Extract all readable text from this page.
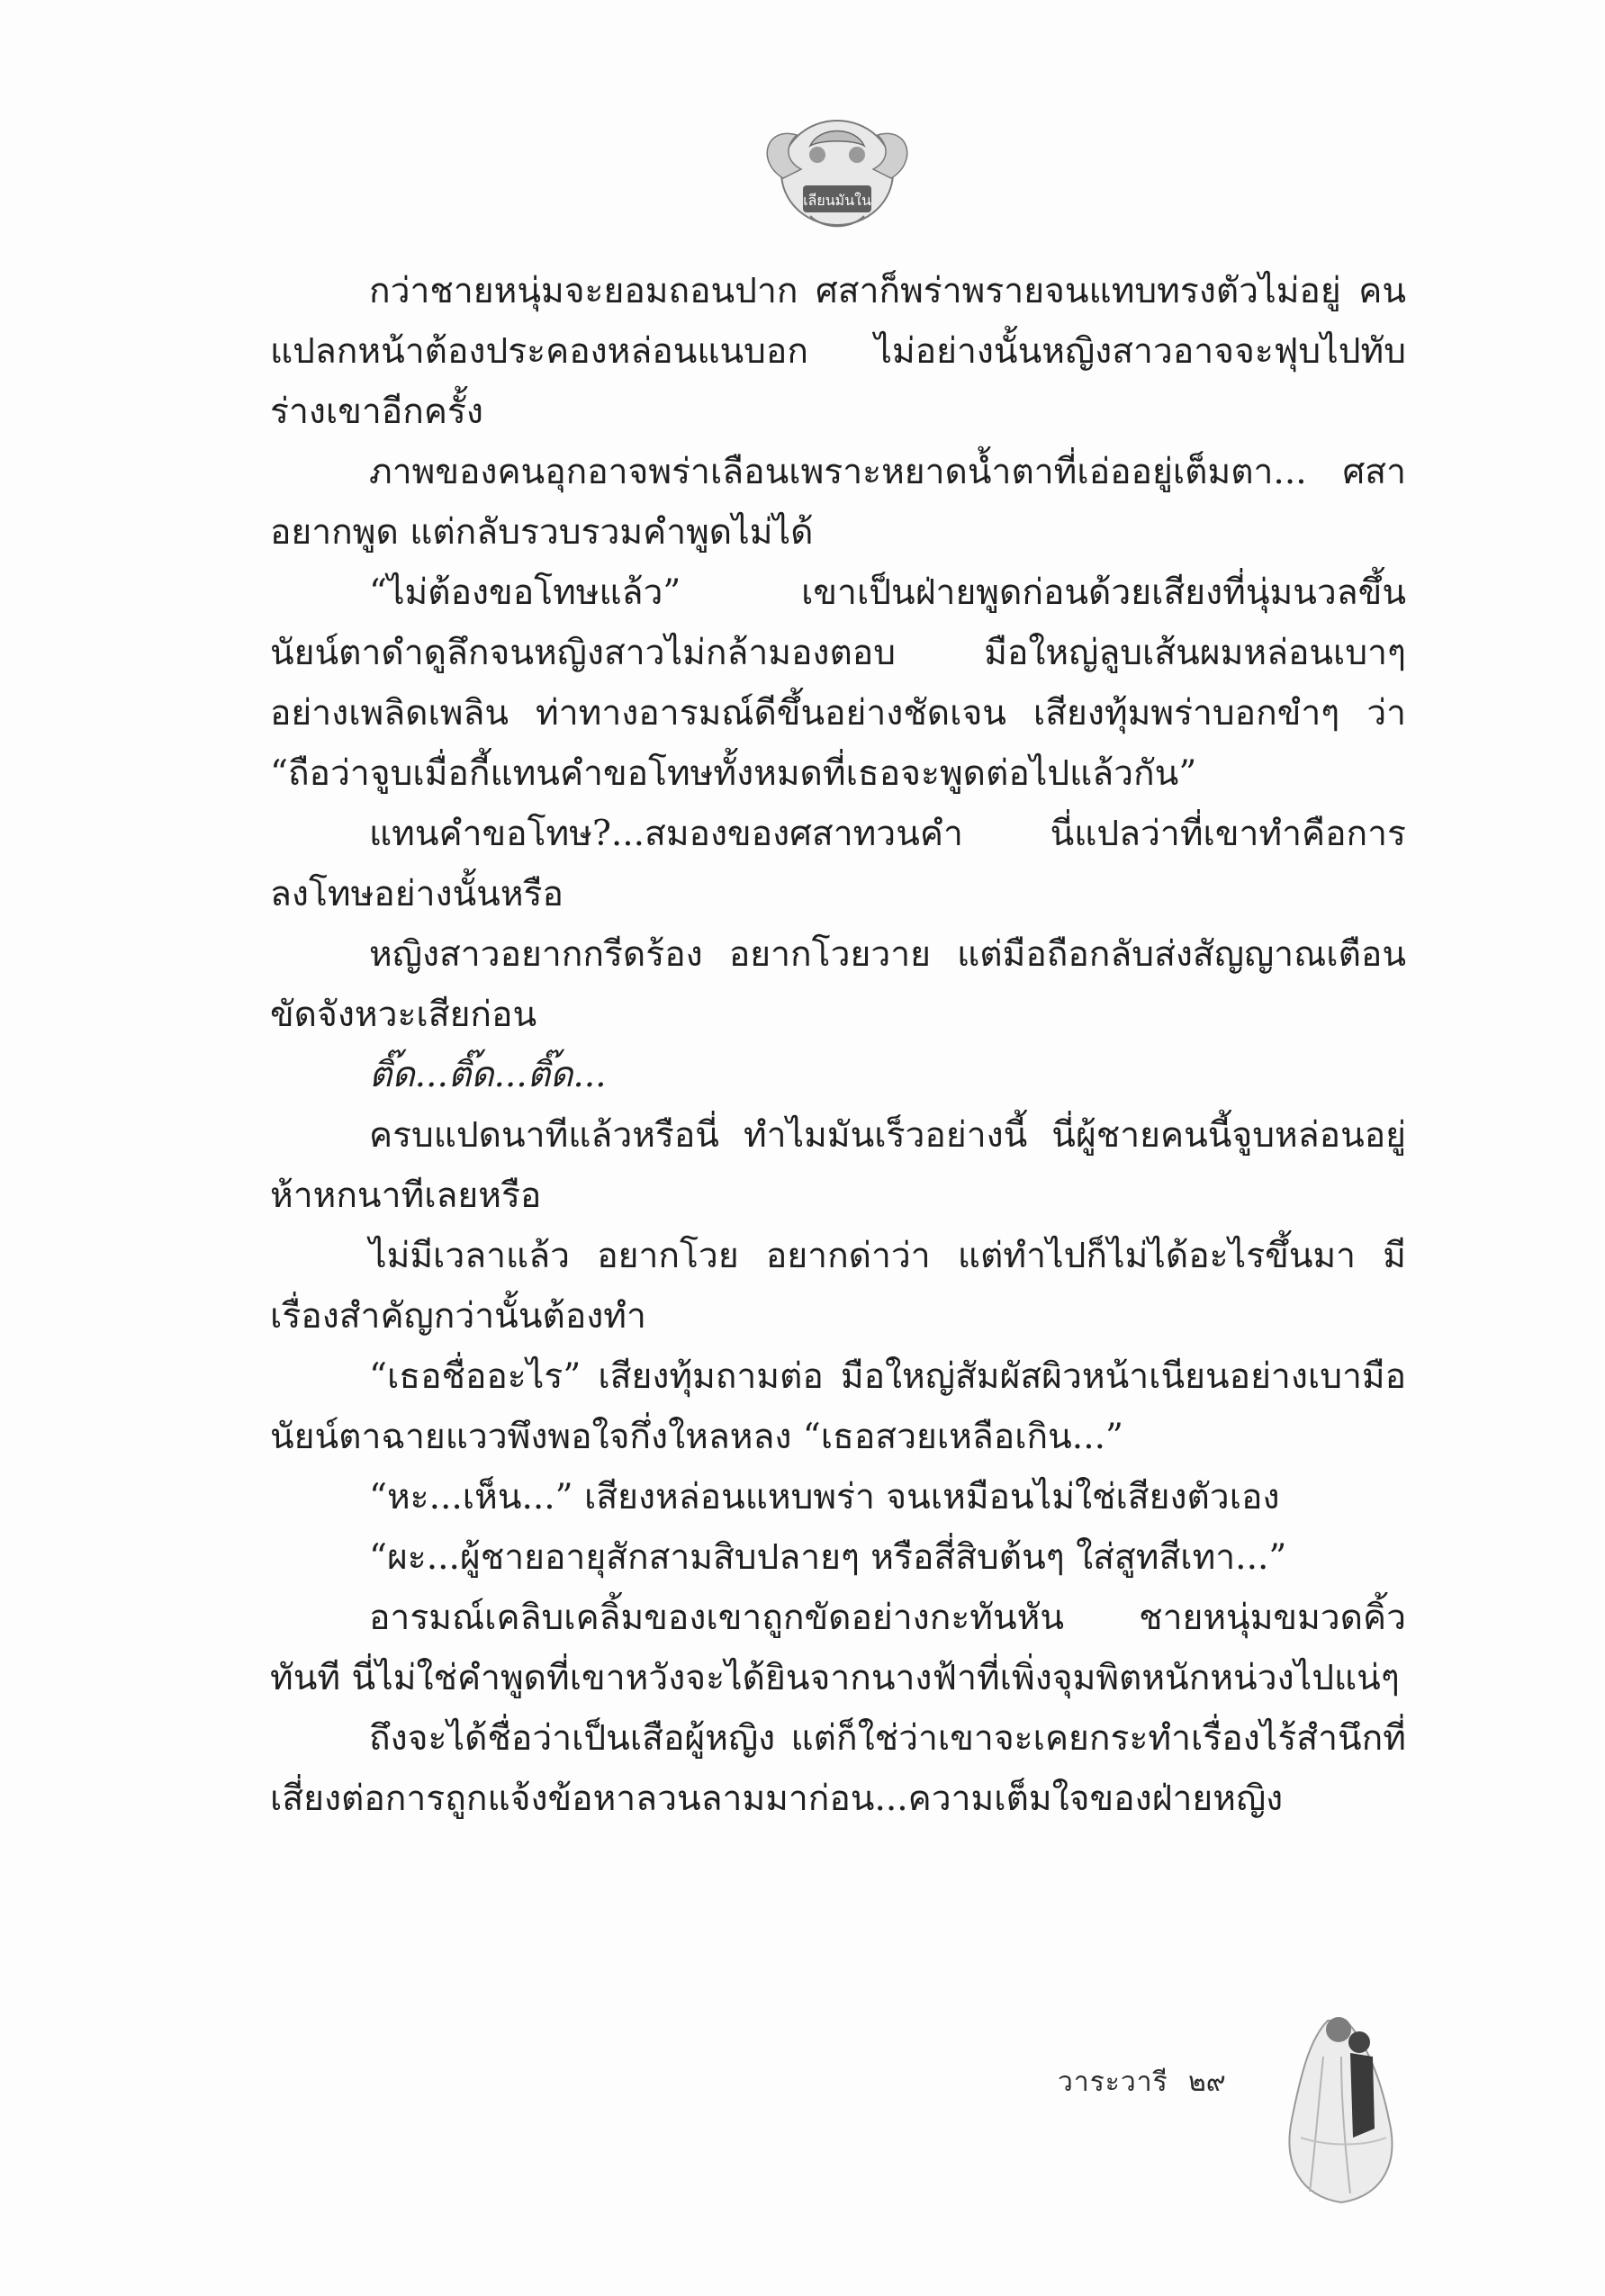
เลียนมันใน

กว่าชายหนุ่มจะยอมถอนปาก ศสาก็พร่าพรายจนแทบทรงตัวไม่อยู่ คนแปลกหน้าต้องประคองหล่อนแนบอก ไม่อย่างนั้นหญิงสาวอาจจะฟุบไปทับร่างเขาอีกครั้ง

ภาพของคนอุกอาจพร่าเลือนเพราะหยาดน้ำตาที่เอ่ออยู่เต็มตา... ศสาอยากพูด แต่กลับรวบรวมคำพูดไม่ได้

“ไม่ต้องขอโทษแล้ว” เขาเป็นฝ่ายพูดก่อนด้วยเสียงที่นุ่มนวลขึ้น นัยน์ตาดำดูลึกจนหญิงสาวไม่กล้ามองตอบ มือใหญ่ลูบเส้นผมหล่อนเบาๆ อย่างเพลิดเพลิน ท่าทางอารมณ์ดีขึ้นอย่างชัดเจน เสียงทุ้มพร่าบอกขำๆ ว่า “ถือว่าจูบเมื่อกี้แทนคำขอโทษทั้งหมดที่เธอจะพูดต่อไปแล้วกัน”

แทนคำขอโทษ?...สมองของศสาทวนคำ นี่แปลว่าที่เขาทำคือการลงโทษอย่างนั้นหรือ

หญิงสาวอยากกรีดร้อง อยากโวยวาย แต่มือถือกลับส่งสัญญาณเตือนขัดจังหวะเสียก่อน

ติ๊ด...ติ๊ด...ติ๊ด...

ครบแปดนาทีแล้วหรือนี่ ทำไมมันเร็วอย่างนี้ นี่ผู้ชายคนนี้จูบหล่อนอยู่ห้าหกนาทีเลยหรือ

ไม่มีเวลาแล้ว อยากโวย อยากด่าว่า แต่ทำไปก็ไม่ได้อะไรขึ้นมา มีเรื่องสำคัญกว่านั้นต้องทำ

“เธอชื่ออะไร” เสียงทุ้มถามต่อ มือใหญ่สัมผัสผิวหน้าเนียนอย่างเบามือ นัยน์ตาฉายแววพึงพอใจกึ่งใหลหลง “เธอสวยเหลือเกิน...”

“หะ...เห็น...” เสียงหล่อนแหบพร่า จนเหมือนไม่ใช่เสียงตัวเอง

“ผะ...ผู้ชายอายุสักสามสิบปลายๆ หรือสี่สิบต้นๆ ใส่สูทสีเทา...”

อารมณ์เคลิบเคลิ้มของเขาถูกขัดอย่างกะทันหัน ชายหนุ่มขมวดคิ้วทันที นี่ไม่ใช่คำพูดที่เขาหวังจะได้ยินจากนางฟ้าที่เพิ่งจุมพิตหนักหน่วงไปแน่ๆ

ถึงจะได้ชื่อว่าเป็นเสือผู้หญิง แต่ก็ใช่ว่าเขาจะเคยกระทำเรื่องไร้สำนึกที่เสี่ยงต่อการถูกแจ้งข้อหาลวนลามมาก่อน...ความเต็มใจของฝ่ายหญิง

วาระวารี ๒๙
